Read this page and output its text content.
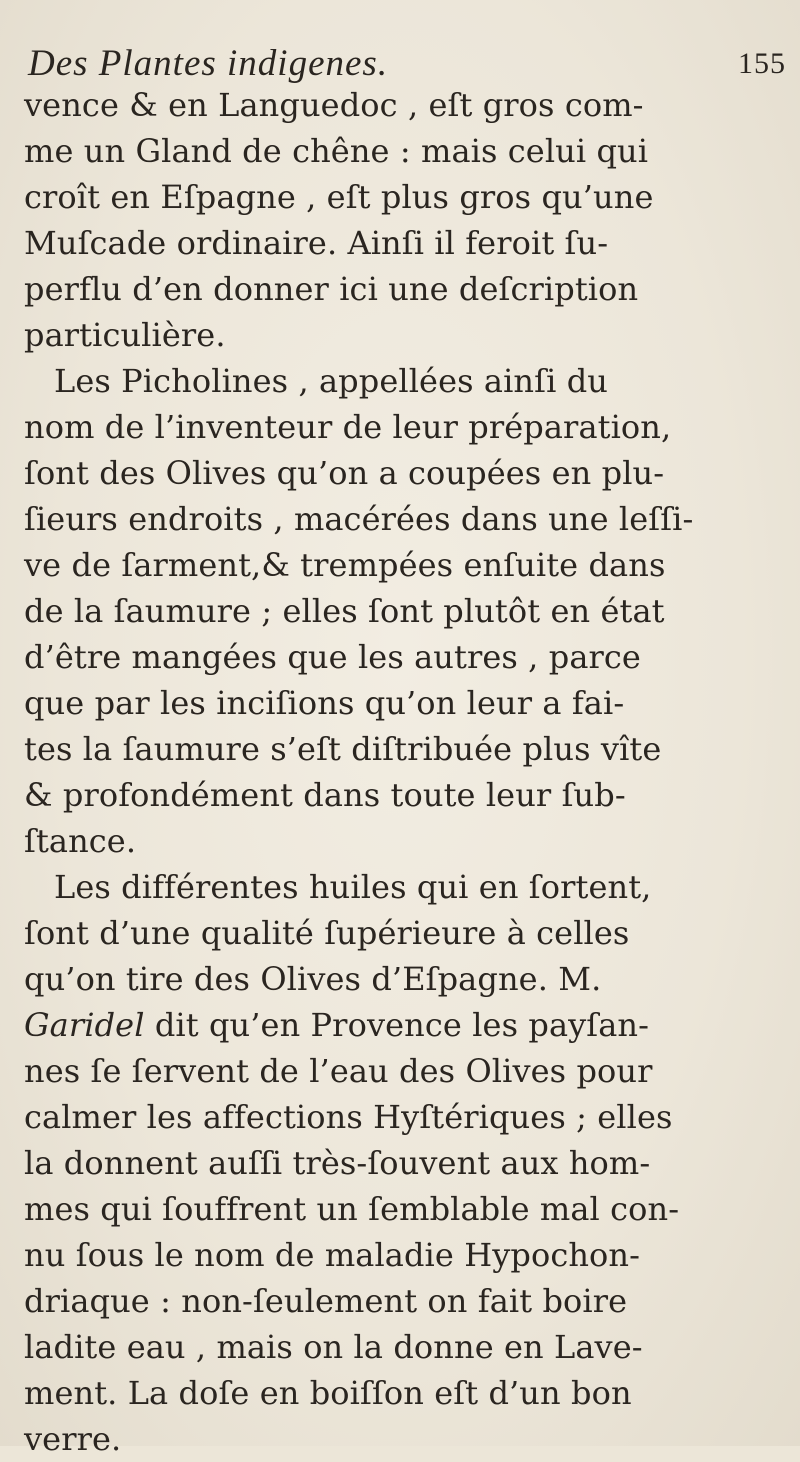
Des Plantes indigenes.	155
vence & en Languedoc , eſt gros com-
me un Gland de chêne : mais celui qui
croît en Eſpagne , eſt plus gros qu’une
Muſcade ordinaire. Ainſi il feroit ſu-
perflu d’en donner ici une deſcription
particulière.
Les Picholines , appellées ainſi du
nom de l’inventeur de leur préparation,
ſont des Olives qu’on a coupées en plu-
ſieurs endroits , macérées dans une leſſi-
ve de ſarment,& trempées enſuite dans
de la ſaumure ; elles ſont plutôt en état
d’être mangées que les autres , parce
que par les inciſions qu’on leur a fai-
tes la ſaumure s’eſt diſtribuée plus vîte
& profondément dans toute leur ſub-
ſtance.
Les différentes huiles qui en ſortent,
ſont d’une qualité ſupérieure à celles
qu’on tire des Olives d’Eſpagne. M.
Garidel dit qu’en Provence les payſan-
nes ſe ſervent de l’eau des Olives pour
calmer les affections Hyſtériques ; elles
la donnent auſſi très-ſouvent aux hom-
mes qui ſouffrent un ſemblable mal con-
nu ſous le nom de maladie Hypochon-
driaque : non-ſeulement on fait boire
ladite eau , mais on la donne en Lave-
ment. La doſe en boiſſon eſt d’un bon
verre.
